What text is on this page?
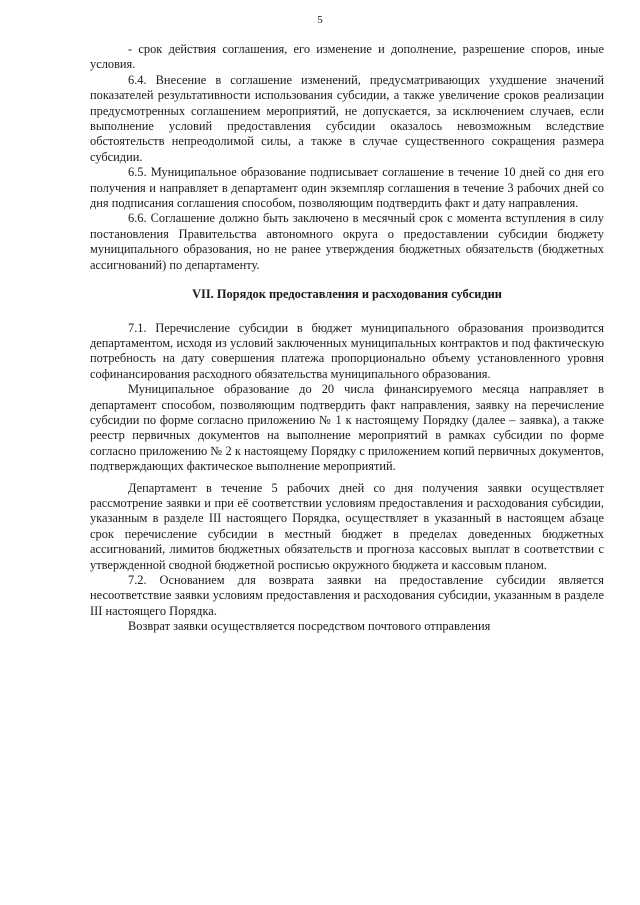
5

- срок действия соглашения, его изменение и дополнение, разрешение споров, иные условия.

6.4. Внесение в соглашение изменений, предусматривающих ухудшение значений показателей результативности использования субсидии, а также увеличение сроков реализации предусмотренных соглашением мероприятий, не допускается, за исключением случаев, если выполнение условий предоставления субсидии оказалось невозможным вследствие обстоятельств непреодолимой силы, а также в случае существенного сокращения размера субсидии.

6.5. Муниципальное образование подписывает соглашение в течение 10 дней со дня его получения и направляет в департамент один экземпляр соглашения в течение 3 рабочих дней со дня подписания соглашения способом, позволяющим подтвердить факт и дату направления.

6.6. Соглашение должно быть заключено в месячный срок с момента вступления в силу постановления Правительства автономного округа о предоставлении субсидии бюджету муниципального образования, но не ранее утверждения бюджетных обязательств (бюджетных ассигнований) по департаменту.

VII. Порядок предоставления и расходования субсидии

7.1. Перечисление субсидии в бюджет муниципального образования производится департаментом, исходя из условий заключенных муниципальных контрактов и под фактическую потребность на дату совершения платежа пропорционально объему установленного уровня софинансирования расходного обязательства муниципального образования.

Муниципальное образование до 20 числа финансируемого месяца направляет в департамент способом, позволяющим подтвердить факт направления, заявку на перечисление субсидии по форме согласно приложению № 1 к настоящему Порядку (далее – заявка), а также реестр первичных документов на выполнение мероприятий в рамках субсидии по форме согласно приложению № 2 к настоящему Порядку с приложением копий первичных документов, подтверждающих фактическое выполнение мероприятий.

Департамент в течение 5 рабочих дней со дня получения заявки осуществляет рассмотрение заявки и при её соответствии условиям предоставления и расходования субсидии, указанным в разделе III настоящего Порядка, осуществляет в указанный в настоящем абзаце срок перечисление субсидии в местный бюджет в пределах доведенных бюджетных ассигнований, лимитов бюджетных обязательств и прогноза кассовых выплат в соответствии с утвержденной сводной бюджетной росписью окружного бюджета и кассовым планом.

7.2. Основанием для возврата заявки на предоставление субсидии является несоответствие заявки условиям предоставления и расходования субсидии, указанным в разделе III настоящего Порядка.

Возврат заявки осуществляется посредством почтового отправления
